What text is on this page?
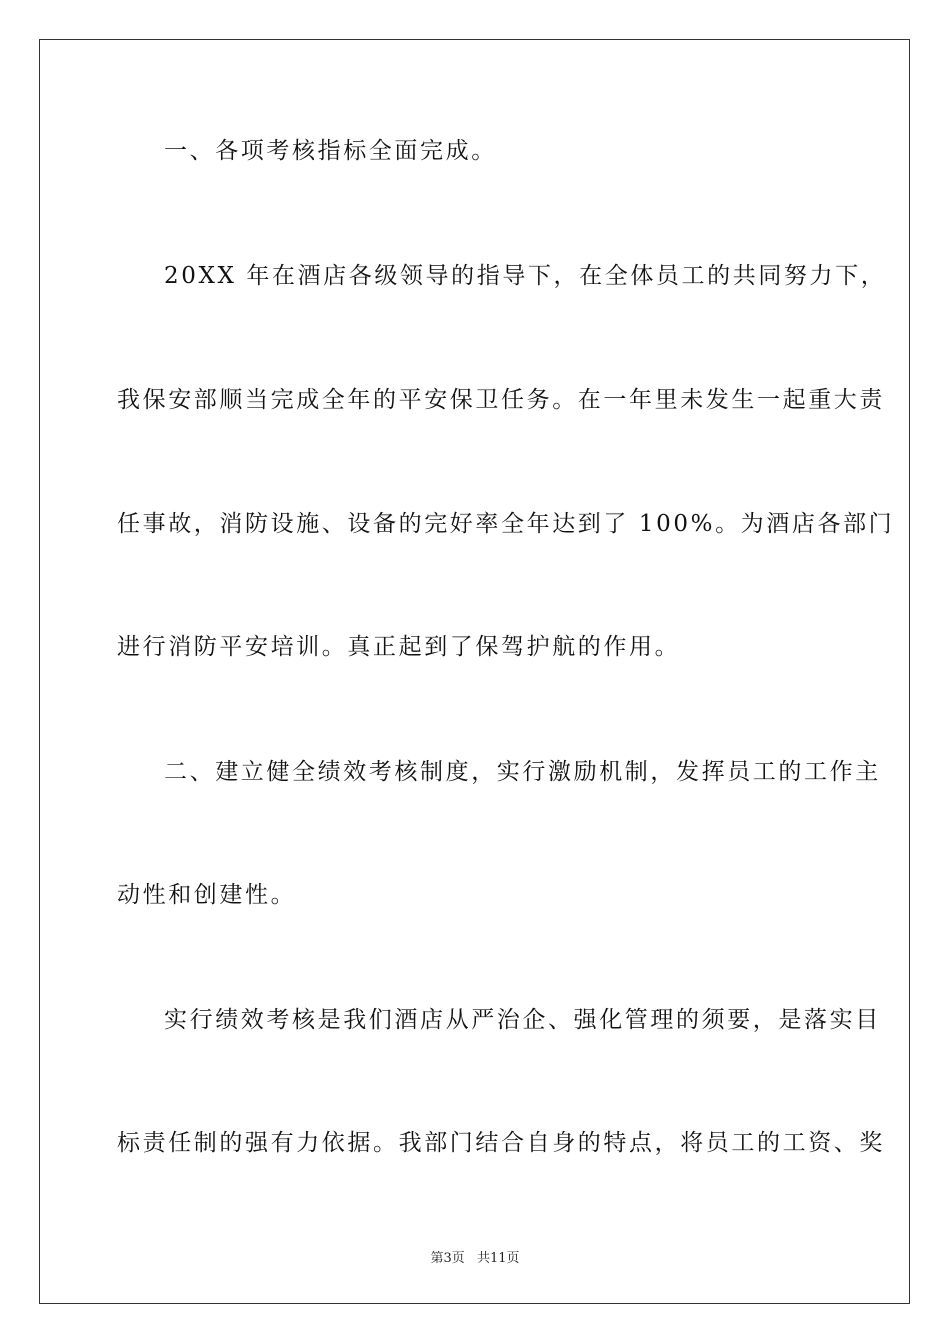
一、各项考核指标全面完成。
20XX 年在酒店各级领导的指导下，在全体员工的共同努力下，
我保安部顺当完成全年的平安保卫任务。在一年里未发生一起重大责
任事故，消防设施、设备的完好率全年达到了 100%。为酒店各部门
进行消防平安培训。真正起到了保驾护航的作用。
二、建立健全绩效考核制度，实行激励机制，发挥员工的工作主
动性和创建性。
实行绩效考核是我们酒店从严治企、强化管理的须要，是落实目
标责任制的强有力依据。我部门结合自身的特点，将员工的工资、奖
第3页 共11页
